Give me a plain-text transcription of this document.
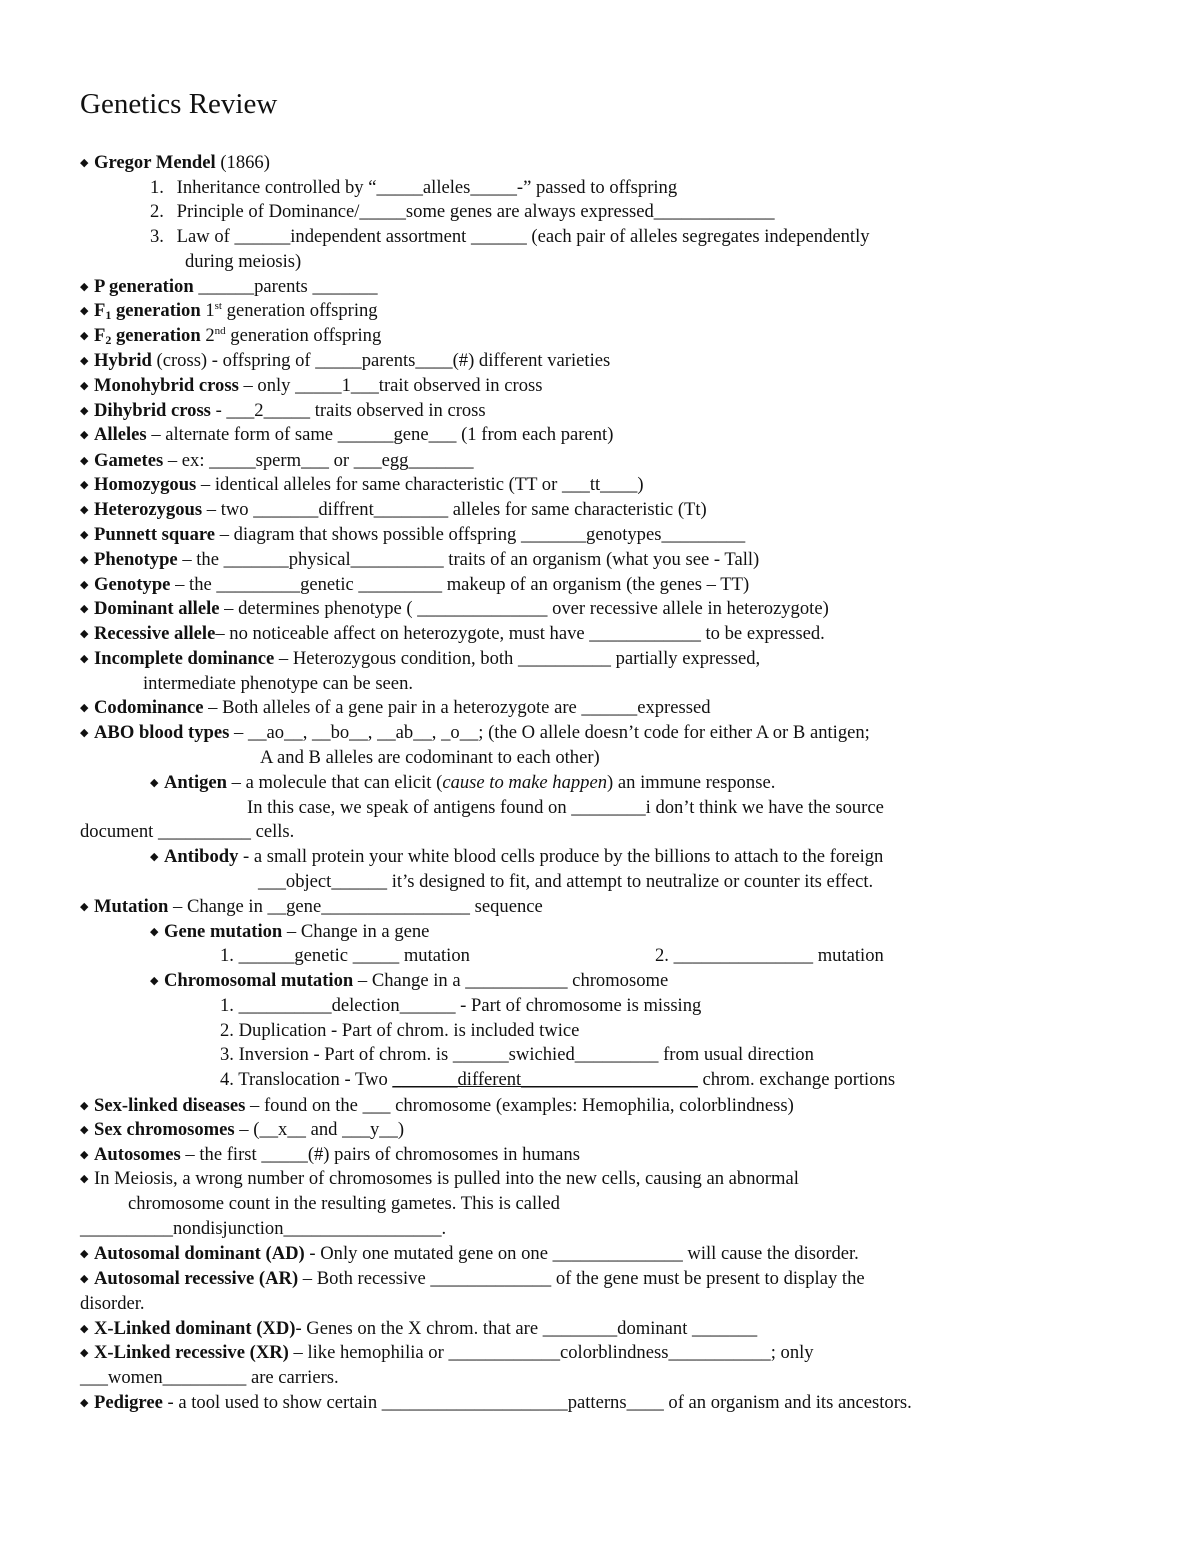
Genetics Review
◆ Gregor Mendel (1866)
1. Inheritance controlled by “_____alleles_____-” passed to offspring
2. Principle of Dominance/_____some genes are always expressed_____________
3. Law of ______independent assortment ______ (each pair of alleles segregates independently
during meiosis)
◆ P generation ______parents _______
◆ $F_1$ generation 1st generation offspring
◆ $F_2$ generation 2nd generation offspring
◆ Hybrid (cross) - offspring of _____parents____(#) different varieties
◆ Monohybrid cross – only _____1___trait observed in cross
◆ Dihybrid cross - ___2_____ traits observed in cross
◆ Alleles – alternate form of same ______gene___ (1 from each parent)
◆ Gametes – ex: _____sperm___ or ___egg_______
◆ Homozygous – identical alleles for same characteristic (TT or ___tt____)
◆ Heterozygous – two _______diffrent________ alleles for same characteristic (Tt)
◆ Punnett square – diagram that shows possible offspring _______genotypes_________
◆ Phenotype – the _______physical__________ traits of an organism (what you see - Tall)
◆ Genotype – the _________genetic _________ makeup of an organism (the genes – TT)
◆ Dominant allele – determines phenotype ( ______________ over recessive allele in heterozygote)
◆ Recessive allele– no noticeable affect on heterozygote, must have ____________ to be expressed.
◆ Incomplete dominance – Heterozygous condition, both __________ partially expressed,
intermediate phenotype can be seen.
◆ Codominance – Both alleles of a gene pair in a heterozygote are ______expressed
◆ ABO blood types – __ao__, __bo__, __ab__, _o__; (the O allele doesn’t code for either A or B antigen;
A and B alleles are codominant to each other)
◆ Antigen – a molecule that can elicit (cause to make happen) an immune response.
In this case, we speak of antigens found on ________i don’t think we have the source
document __________ cells.
◆ Antibody - a small protein your white blood cells produce by the billions to attach to the foreign
___object______ it’s designed to fit, and attempt to neutralize or counter its effect.
◆ Mutation – Change in __gene________________ sequence
◆ Gene mutation – Change in a gene
1. ______genetic _____ mutation	2. _______________ mutation
◆ Chromosomal mutation – Change in a ___________ chromosome
1. __________delection______ - Part of chromosome is missing
2. Duplication - Part of chrom. is included twice
3. Inversion - Part of chrom. is ______swichied_________ from usual direction
4. Translocation - Two _______different___________________ chrom. exchange portions
◆ Sex-linked diseases – found on the ___ chromosome (examples: Hemophilia, colorblindness)
◆ Sex chromosomes – (__x__ and ___y__)
◆ Autosomes – the first _____(#) pairs of chromosomes in humans
◆ In Meiosis, a wrong number of chromosomes is pulled into the new cells, causing an abnormal
chromosome count in the resulting gametes. This is called
__________nondisjunction_________________.
◆ Autosomal dominant (AD) - Only one mutated gene on one ______________ will cause the disorder.
◆ Autosomal recessive (AR) – Both recessive _____________ of the gene must be present to display the
disorder.
◆ X-Linked dominant (XD)- Genes on the X chrom. that are ________dominant _______
◆ X-Linked recessive (XR) – like hemophilia or ____________colorblindness___________; only
___women_________ are carriers.
◆ Pedigree - a tool used to show certain ____________________patterns____ of an organism and its ancestors.
